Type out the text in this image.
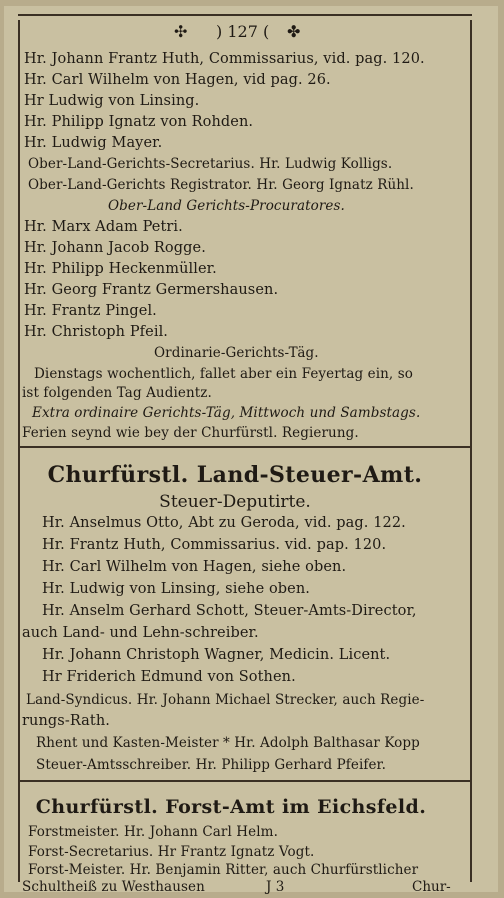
✣ ) 127 ( ✤
Hr. Johann Frantz Huth, Commissarius, vid. pag. 120.
Hr. Carl Wilhelm von Hagen, vid pag. 26.
Hr Ludwig von Linsing.
Hr. Philipp Ignatz von Rohden.
Hr. Ludwig Mayer.
Ober-Land-Gerichts-Secretarius. Hr. Ludwig Kolligs.
Ober-Land-Gerichts Registrator. Hr. Georg Ignatz Rühl.
Ober-Land Gerichts-Procuratores.
Hr. Marx Adam Petri.
Hr. Johann Jacob Rogge.
Hr. Philipp Heckenmüller.
Hr. Georg Frantz Germershausen.
Hr. Frantz Pingel.
Hr. Christoph Pfeil.
Ordinarie-Gerichts-Täg.
Dienstags wochentlich, fallet aber ein Feyertag ein, so
ist folgenden Tag Audientz.
Extra ordinaire Gerichts-Täg, Mittwoch und Sambstags.
Ferien seynd wie bey der Churfürstl. Regierung.
Churfürstl. Land-Steuer-Amt.
Steuer-Deputirte.
Hr. Anselmus Otto, Abt zu Geroda, vid. pag. 122.
Hr. Frantz Huth, Commissarius. vid. pap. 120.
Hr. Carl Wilhelm von Hagen, siehe oben.
Hr. Ludwig von Linsing, siehe oben.
Hr. Anselm Gerhard Schott, Steuer-Amts-Director,
auch Land- und Lehn-schreiber.
Hr. Johann Christoph Wagner, Medicin. Licent.
Hr Friderich Edmund von Sothen.
Land-Syndicus. Hr. Johann Michael Strecker, auch Regie-
rungs-Rath.
Rhent und Kasten-Meister * Hr. Adolph Balthasar Kopp
Steuer-Amtsschreiber. Hr. Philipp Gerhard Pfeifer.
Churfürstl. Forst-Amt im Eichsfeld.
Forstmeister. Hr. Johann Carl Helm.
Forst-Secretarius. Hr Frantz Ignatz Vogt.
Forst-Meister. Hr. Benjamin Ritter, auch Churfürstlicher
Schultheiß zu Westhausen	J 3	Chur-
